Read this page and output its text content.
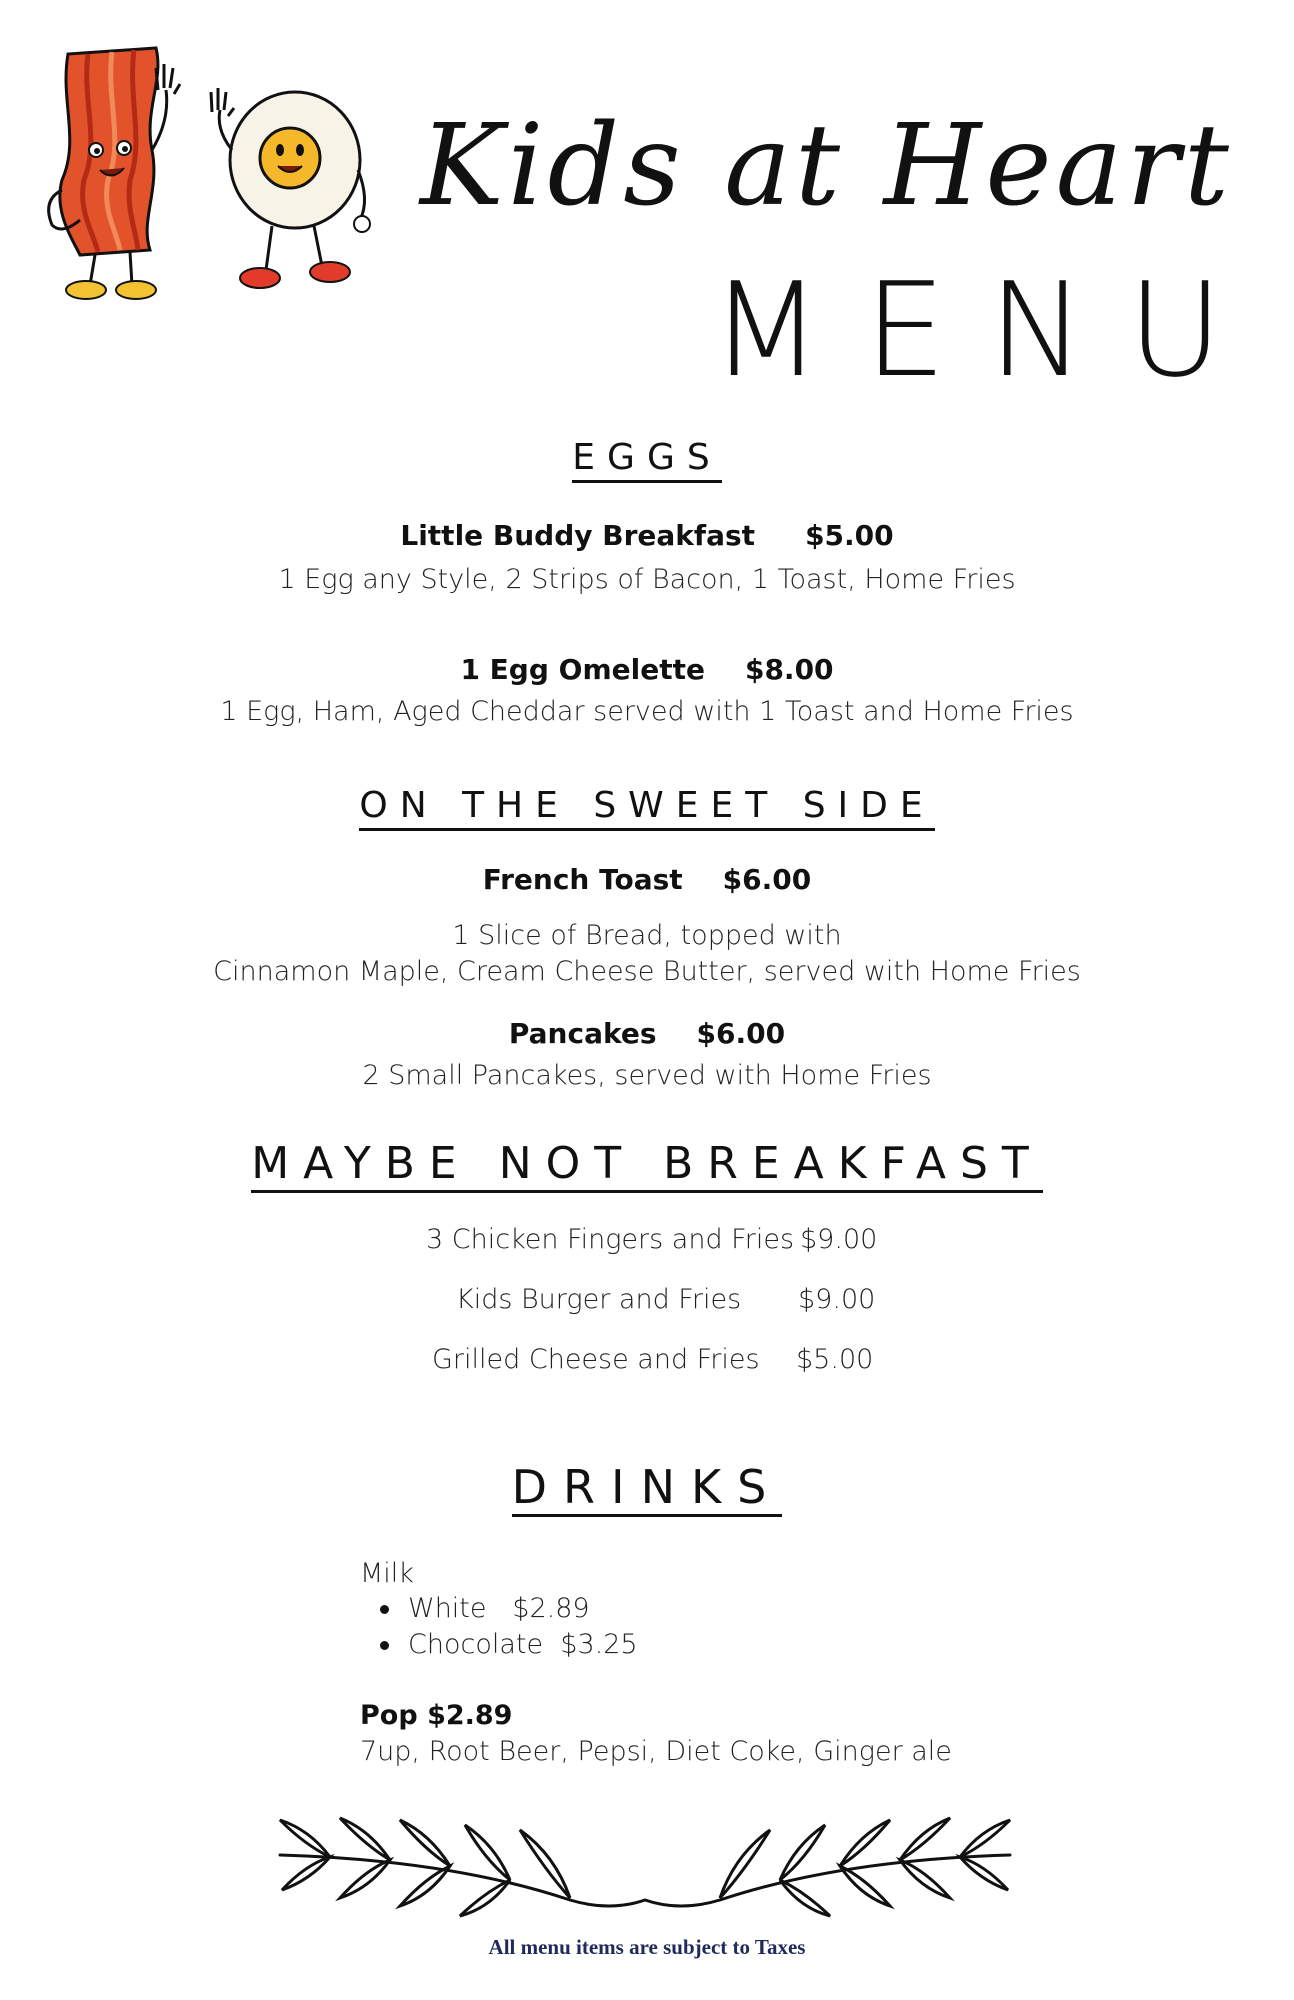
Kids at Heart
MENU
EGGS
Little Buddy Breakfast $5.00
1 Egg any Style, 2 Strips of Bacon, 1 Toast, Home Fries
1 Egg Omelette $8.00
1 Egg, Ham, Aged Cheddar served with 1 Toast and Home Fries
ON THE SWEET SIDE
French Toast $6.00
1 Slice of Bread, topped with
Cinnamon Maple, Cream Cheese Butter, served with Home Fries
Pancakes $6.00
2 Small Pancakes, served with Home Fries
MAYBE NOT BREAKFAST
3 Chicken Fingers and Fries $9.00
Kids Burger and Fries $9.00
Grilled Cheese and Fries $5.00
DRINKS
Milk
White $2.89
Chocolate $3.25
Pop $2.89
7up, Root Beer, Pepsi, Diet Coke, Ginger ale
All menu items are subject to Taxes
